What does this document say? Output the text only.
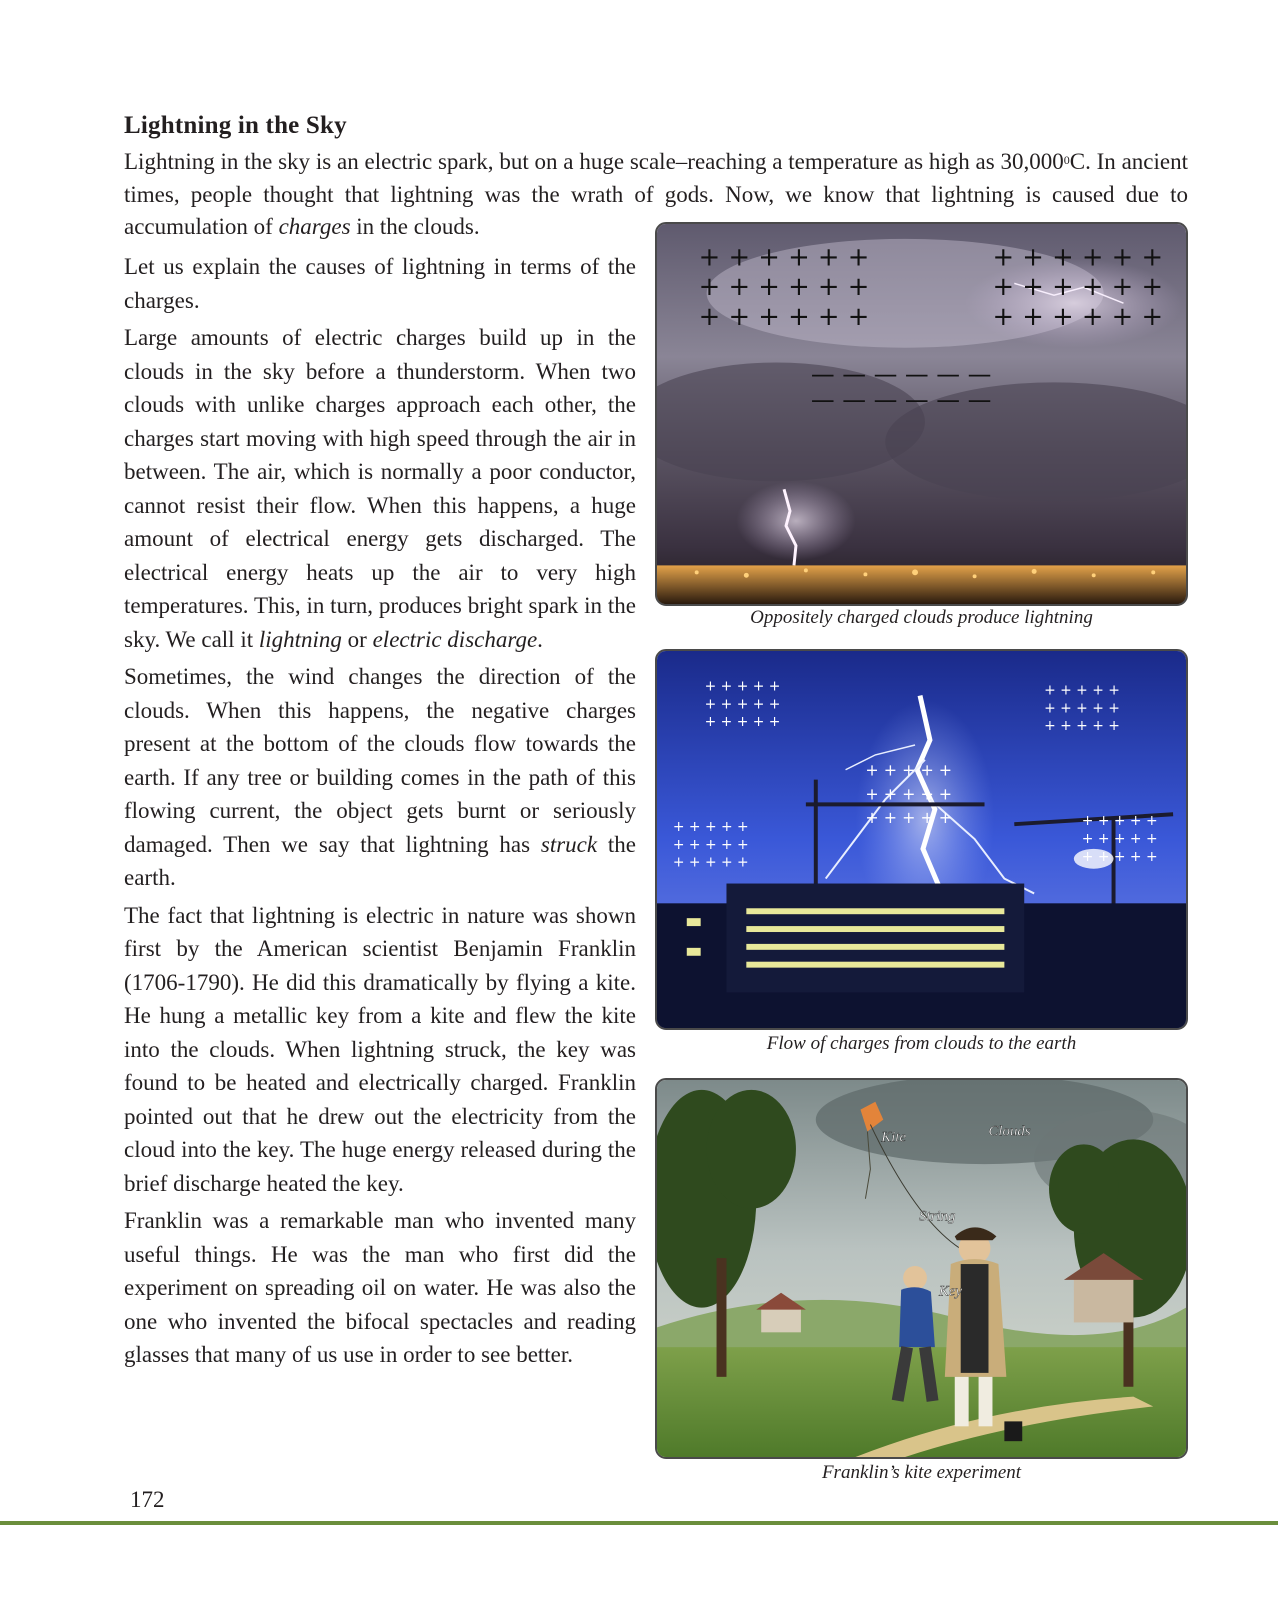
Lightning in the Sky

Lightning in the sky is an electric spark, but on a huge scale–reaching a temperature as high as 30,000$^0$C. In ancient times, people thought that lightning was the wrath of gods. Now, we know that lightning is caused due to accumulation of charges in the clouds.

Let us explain the causes of lightning in terms of the charges.

Large amounts of electric charges build up in the clouds in the sky before a thunderstorm. When two clouds with unlike charges approach each other, the charges start moving with high speed through the air in between. The air, which is normally a poor conductor, cannot resist their flow. When this happens, a huge amount of electrical energy gets discharged. The electrical energy heats up the air to very high temperatures. This, in turn, produces bright spark in the sky. We call it lightning or electric discharge.

Sometimes, the wind changes the direction of the clouds. When this happens, the negative charges present at the bottom of the clouds flow towards the earth. If any tree or building comes in the path of this flowing current, the object gets burnt or seriously damaged. Then we say that lightning has struck the earth.

The fact that lightning is electric in nature was shown first by the American scientist Benjamin Franklin (1706-1790). He did this dramatically by flying a kite. He hung a metallic key from a kite and flew the kite into the clouds. When lightning struck, the key was found to be heated and electrically charged. Franklin pointed out that he drew out the electricity from the cloud into the key. The huge energy released during the brief discharge heated the key.

Franklin was a remarkable man who invented many useful things. He was the man who first did the experiment on spreading oil on water. He was also the one who invented the bifocal spectacles and reading glasses that many of us use in order to see better.

+ + + + + +
+ + + + + +
+ + + + + +
+ + + + + +
+ + + + + +
+ + + + + +
— — — — — —
— — — — — —

Oppositely charged clouds produce lightning

+ + + + +
+ + + + +
+ + + + +
+ + + + +
+ + + + +
+ + + + +
+ + + + +
+ + + + +
+ + + + +
+ + + + +
+ + + + +
+ + + + +
+ + + + +
+ + + + +
+ + + + +

Flow of charges from clouds to the earth

Kite	Clouds
String
Key

Franklin’s kite experiment

172
